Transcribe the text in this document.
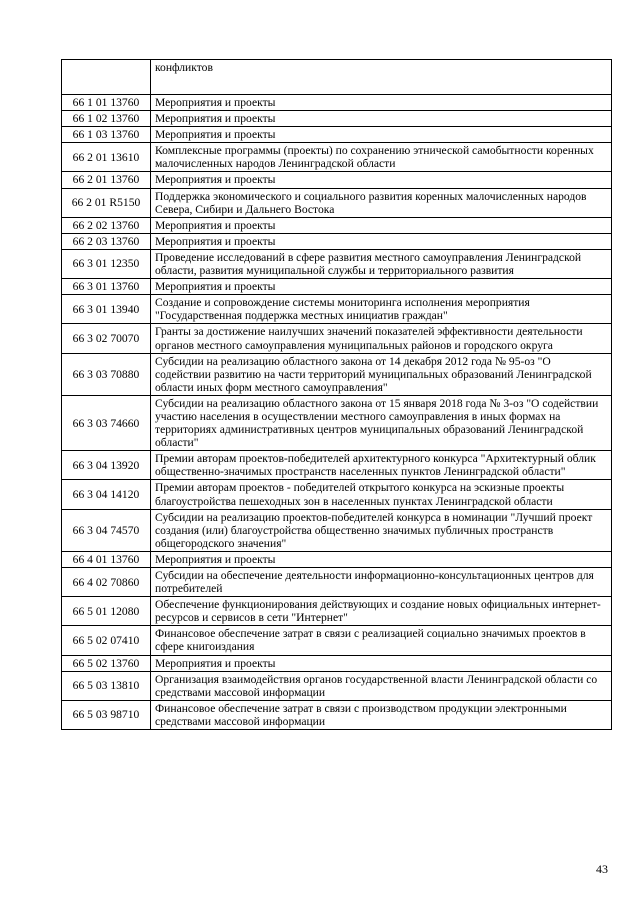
	конфликтов
66 1 01 13760	Мероприятия и проекты
66 1 02 13760	Мероприятия и проекты
66 1 03 13760	Мероприятия и проекты
66 2 01 13610	Комплексные программы (проекты) по сохранению этнической самобытности коренных малочисленных народов Ленинградской области
66 2 01 13760	Мероприятия и проекты
66 2 01 R5150	Поддержка экономического и социального развития коренных малочисленных народов Севера, Сибири и Дальнего Востока
66 2 02 13760	Мероприятия и проекты
66 2 03 13760	Мероприятия и проекты
66 3 01 12350	Проведение исследований в сфере развития местного самоуправления Ленинградской области, развития муниципальной службы и территориального развития
66 3 01 13760	Мероприятия и проекты
66 3 01 13940	Создание и сопровождение системы мониторинга исполнения мероприятия "Государственная поддержка местных инициатив граждан"
66 3 02 70070	Гранты за достижение наилучших значений показателей эффективности деятельности органов местного самоуправления муниципальных районов и городского округа
66 3 03 70880	Субсидии на реализацию областного закона от 14 декабря 2012 года № 95-оз "О содействии развитию на части территорий муниципальных образований Ленинградской области иных форм местного самоуправления"
66 3 03 74660	Субсидии на реализацию областного закона от 15 января 2018 года № 3-оз "О содействии участию населения в осуществлении местного самоуправления в иных формах на территориях административных центров муниципальных образований Ленинградской области"
66 3 04 13920	Премии авторам проектов-победителей архитектурного конкурса "Архитектурный облик общественно-значимых пространств населенных пунктов Ленинградской области"
66 3 04 14120	Премии авторам проектов - победителей открытого конкурса на эскизные проекты благоустройства пешеходных зон в населенных пунктах Ленинградской области
66 3 04 74570	Субсидии на реализацию проектов-победителей конкурса в номинации "Лучший проект создания (или) благоустройства общественно значимых публичных пространств общегородского значения"
66 4 01 13760	Мероприятия и проекты
66 4 02 70860	Субсидии на обеспечение деятельности информационно-консультационных центров для потребителей
66 5 01 12080	Обеспечение функционирования действующих и создание новых официальных интернет-ресурсов и сервисов в сети "Интернет"
66 5 02 07410	Финансовое обеспечение затрат в связи с реализацией социально значимых проектов в сфере книгоиздания
66 5 02 13760	Мероприятия и проекты
66 5 03 13810	Организация взаимодействия органов государственной власти Ленинградской области со средствами массовой информации
66 5 03 98710	Финансовое обеспечение затрат в связи с производством продукции электронными средствами массовой информации
43
